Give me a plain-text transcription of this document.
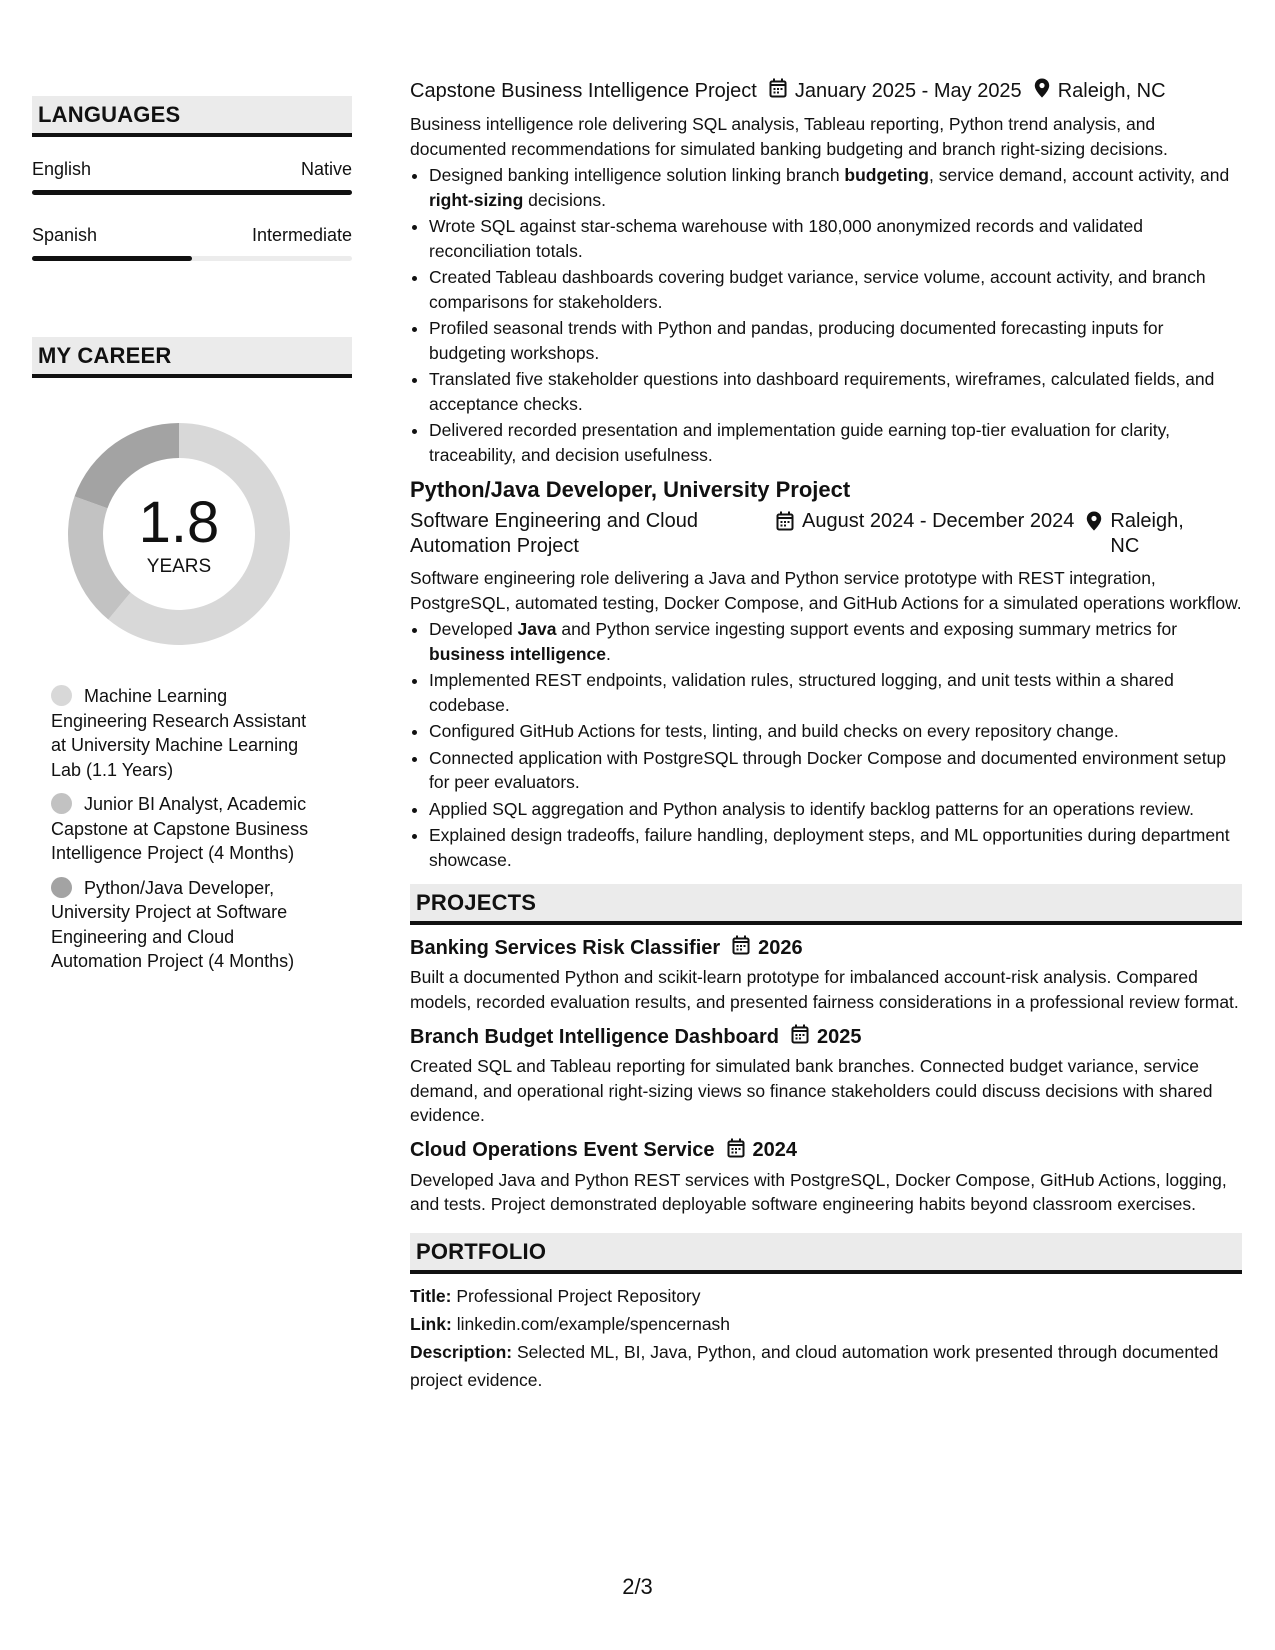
LANGUAGES
English	Native
Spanish	Intermediate
MY CAREER
1.8
YEARS
Machine Learning Engineering Research Assistant at University Machine Learning Lab (1.1 Years)
Junior BI Analyst, Academic Capstone at Capstone Business Intelligence Project (4 Months)
Python/Java Developer, University Project at Software Engineering and Cloud Automation Project (4 Months)
Capstone Business Intelligence Project January 2025 - May 2025 Raleigh, NC

Business intelligence role delivering SQL analysis, Tableau reporting, Python trend analysis, and documented recommendations for simulated banking budgeting and branch right-sizing decisions.

• Designed banking intelligence solution linking branch budgeting, service demand, account activity, and right-sizing decisions.
• Wrote SQL against star-schema warehouse with 180,000 anonymized records and validated reconciliation totals.
• Created Tableau dashboards covering budget variance, service volume, account activity, and branch comparisons for stakeholders.
• Profiled seasonal trends with Python and pandas, producing documented forecasting inputs for budgeting workshops.
• Translated five stakeholder questions into dashboard requirements, wireframes, calculated fields, and acceptance checks.
• Delivered recorded presentation and implementation guide earning top-tier evaluation for clarity, traceability, and decision usefulness.
Python/Java Developer, University Project
Software Engineering and Cloud Automation Project
August 2024 - December 2024 Raleigh, NC

Software engineering role delivering a Java and Python service prototype with REST integration, PostgreSQL, automated testing, Docker Compose, and GitHub Actions for a simulated operations workflow.

• Developed Java and Python service ingesting support events and exposing summary metrics for business intelligence.
• Implemented REST endpoints, validation rules, structured logging, and unit tests within a shared codebase.
• Configured GitHub Actions for tests, linting, and build checks on every repository change.
• Connected application with PostgreSQL through Docker Compose and documented environment setup for peer evaluators.
• Applied SQL aggregation and Python analysis to identify backlog patterns for an operations review.
• Explained design tradeoffs, failure handling, deployment steps, and ML opportunities during department showcase.
PROJECTS
Banking Services Risk Classifier 2026

Built a documented Python and scikit-learn prototype for imbalanced account-risk analysis. Compared models, recorded evaluation results, and presented fairness considerations in a professional review format.

Branch Budget Intelligence Dashboard 2025

Created SQL and Tableau reporting for simulated bank branches. Connected budget variance, service demand, and operational right-sizing views so finance stakeholders could discuss decisions with shared evidence.

Cloud Operations Event Service 2024

Developed Java and Python REST services with PostgreSQL, Docker Compose, GitHub Actions, logging, and tests. Project demonstrated deployable software engineering habits beyond classroom exercises.

PORTFOLIO
Title: Professional Project Repository
Link: linkedin.com/example/spencernash
Description: Selected ML, BI, Java, Python, and cloud automation work presented through documented project evidence.
2/3
